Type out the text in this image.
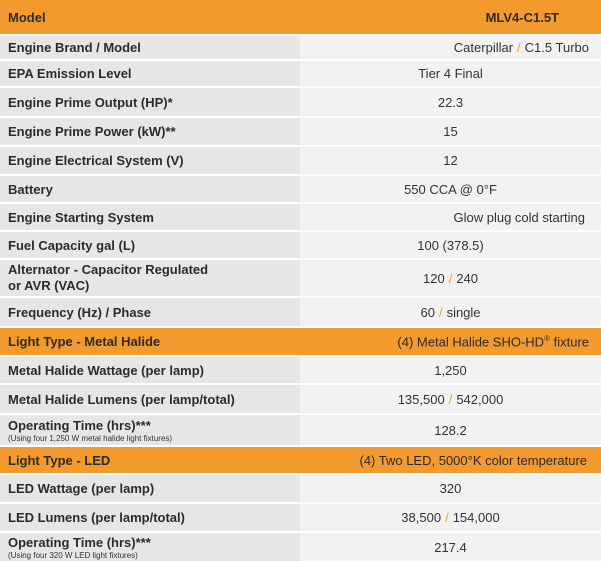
Model	MLV4-C1.5T
Engine Brand / Model	Caterpillar / C1.5 Turbo
EPA Emission Level	Tier 4 Final
Engine Prime Output (HP)*	22.3
Engine Prime Power (kW)**	15
Engine Electrical System (V)	12
Battery	550 CCA @ 0°F
Engine Starting System	Glow plug cold starting
Fuel Capacity gal (L)	100 (378.5)
Alternator - Capacitor Regulated
or AVR (VAC)	120 / 240
Frequency (Hz) / Phase	60 / single
Light Type - Metal Halide	(4) Metal Halide SHO-HD® fixture
Metal Halide Wattage (per lamp)	1,250
Metal Halide Lumens (per lamp/total)	135,500 / 542,000
Operating Time (hrs)***
(Using four 1,250 W metal halide light fixtures)	128.2
Light Type - LED	(4) Two LED, 5000°K color temperature
LED Wattage (per lamp)	320
LED Lumens (per lamp/total)	38,500 / 154,000
Operating Time (hrs)***
(Using four 320 W LED light fixtures)	217.4
